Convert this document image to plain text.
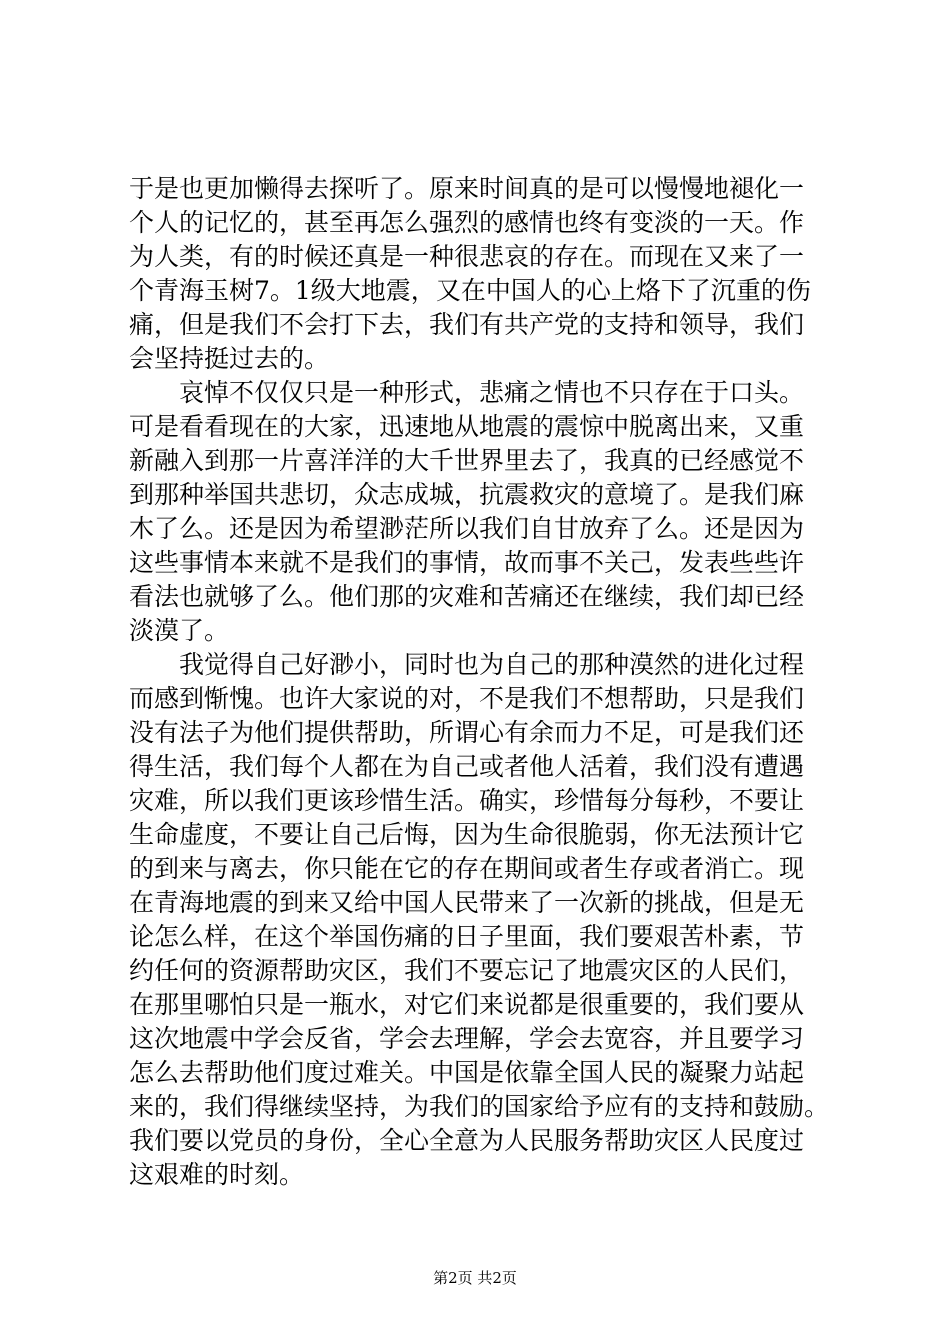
于是也更加懒得去探听了。原来时间真的是可以慢慢地褪化一
个人的记忆的，甚至再怎么强烈的感情也终有变淡的一天。作
为人类，有的时候还真是一种很悲哀的存在。而现在又来了一
个青海玉树7。1级大地震，又在中国人的心上烙下了沉重的伤
痛，但是我们不会打下去，我们有共产党的支持和领导，我们
会坚持挺过去的。
　　哀悼不仅仅只是一种形式，悲痛之情也不只存在于口头。
可是看看现在的大家，迅速地从地震的震惊中脱离出来，又重
新融入到那一片喜洋洋的大千世界里去了，我真的已经感觉不
到那种举国共悲切，众志成城，抗震救灾的意境了。是我们麻
木了么。还是因为希望渺茫所以我们自甘放弃了么。还是因为
这些事情本来就不是我们的事情，故而事不关己，发表些些许
看法也就够了么。他们那的灾难和苦痛还在继续，我们却已经
淡漠了。
　　我觉得自己好渺小，同时也为自己的那种漠然的进化过程
而感到惭愧。也许大家说的对，不是我们不想帮助，只是我们
没有法子为他们提供帮助，所谓心有余而力不足，可是我们还
得生活，我们每个人都在为自己或者他人活着，我们没有遭遇
灾难，所以我们更该珍惜生活。确实，珍惜每分每秒，不要让
生命虚度，不要让自己后悔，因为生命很脆弱，你无法预计它
的到来与离去，你只能在它的存在期间或者生存或者消亡。现
在青海地震的到来又给中国人民带来了一次新的挑战，但是无
论怎么样，在这个举国伤痛的日子里面，我们要艰苦朴素，节
约任何的资源帮助灾区，我们不要忘记了地震灾区的人民们，
在那里哪怕只是一瓶水，对它们来说都是很重要的，我们要从
这次地震中学会反省，学会去理解，学会去宽容，并且要学习
怎么去帮助他们度过难关。中国是依靠全国人民的凝聚力站起
来的，我们得继续坚持，为我们的国家给予应有的支持和鼓励。
我们要以党员的身份，全心全意为人民服务帮助灾区人民度过
这艰难的时刻。
第2页 共2页
